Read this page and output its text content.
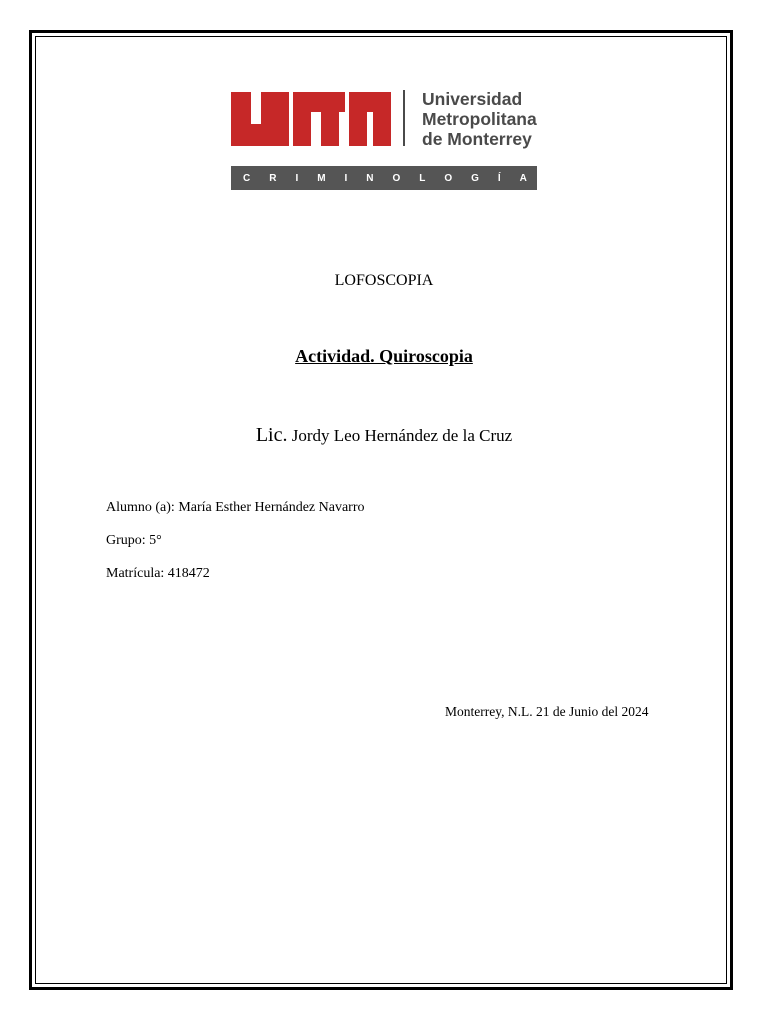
Universidad
Metropolitana
de Monterrey
C R I M I N O L O G Í A
LOFOSCOPIA
Actividad. Quiroscopia
Lic. Jordy Leo Hernández de la Cruz
Alumno (a): María Esther Hernández Navarro
Grupo: 5°
Matrícula: 418472
Monterrey, N.L. 21 de Junio del 2024
